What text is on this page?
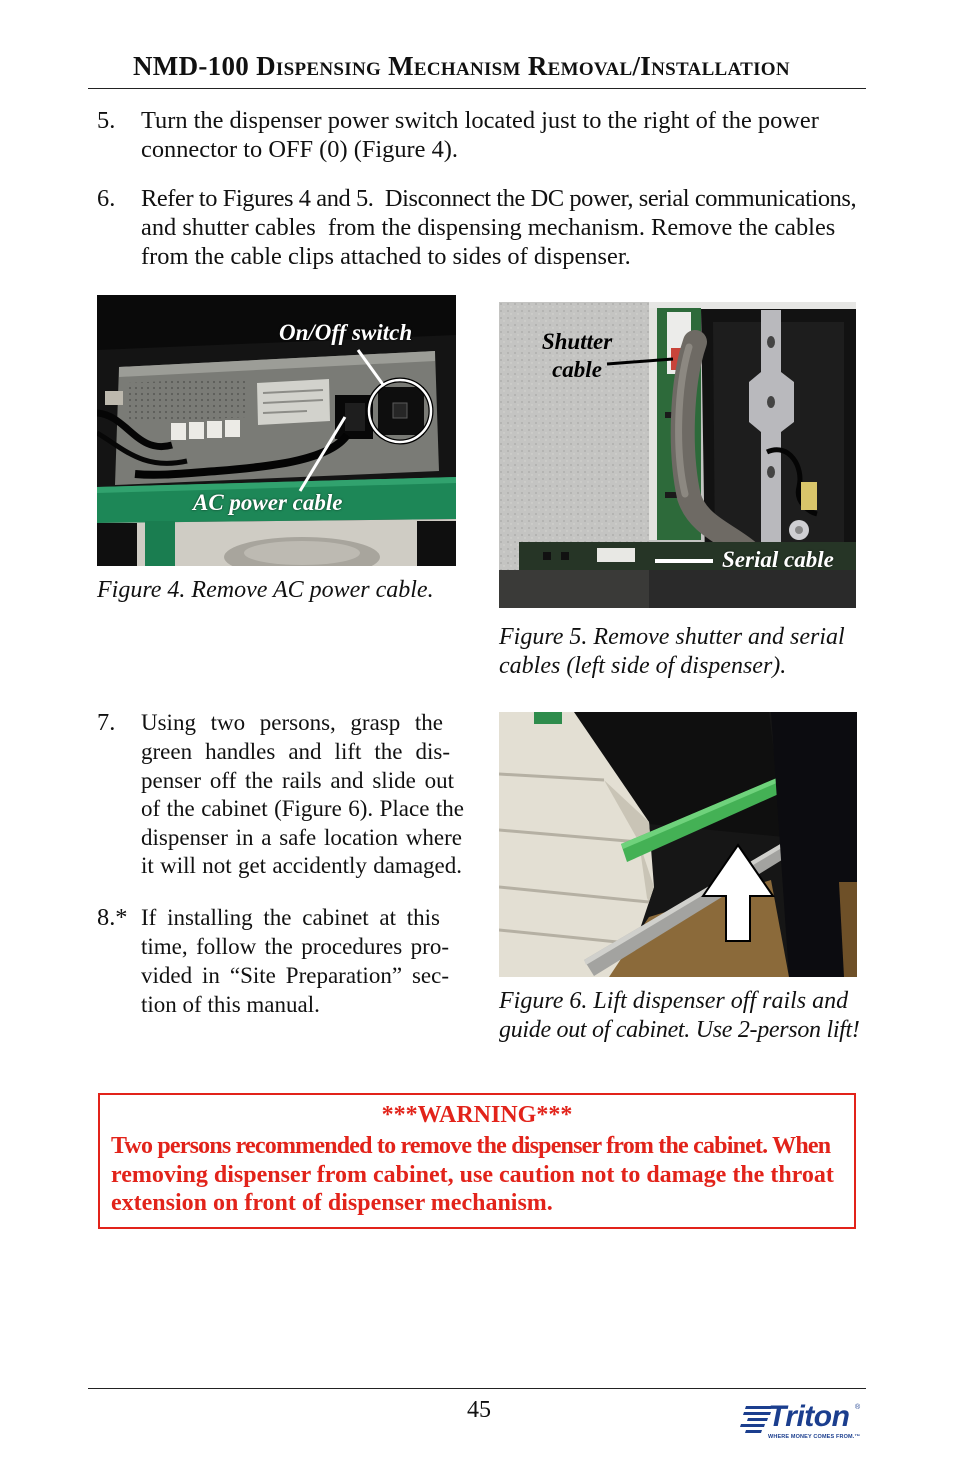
NMD-100 Dispensing Mechanism Removal/Installation
5. Turn the dispenser power switch located just to the right of the power
connector to OFF (0) (Figure 4).
6. Refer to Figures 4 and 5.  Disconnect the DC power, serial communications,
and shutter cables  from the dispensing mechanism. Remove the cables
from the cable clips attached to sides of dispenser.
On/Off switch
AC power cable
Figure 4. Remove AC power cable.
Shutter
cable
Serial cable
Figure 5. Remove shutter and serial
cables (left side of dispenser).
7. Using two persons, grasp the
green handles and lift the dis-
penser off the rails and slide out
of the cabinet (Figure 6). Place the
dispenser in a safe location where
it will not get accidently damaged.
8.* If installing the cabinet at this
time, follow the procedures pro-
vided in “Site Preparation” sec-
tion of this manual.	Figure 6. Lift dispenser off rails and
guide out of cabinet. Use 2-person lift!
***WARNING***
Two persons recommended to remove the dispenser from the cabinet. When
removing dispenser from cabinet, use caution not to damage the throat
extension on front of dispenser mechanism.
45	Triton ®
WHERE MONEY COMES FROM.™
